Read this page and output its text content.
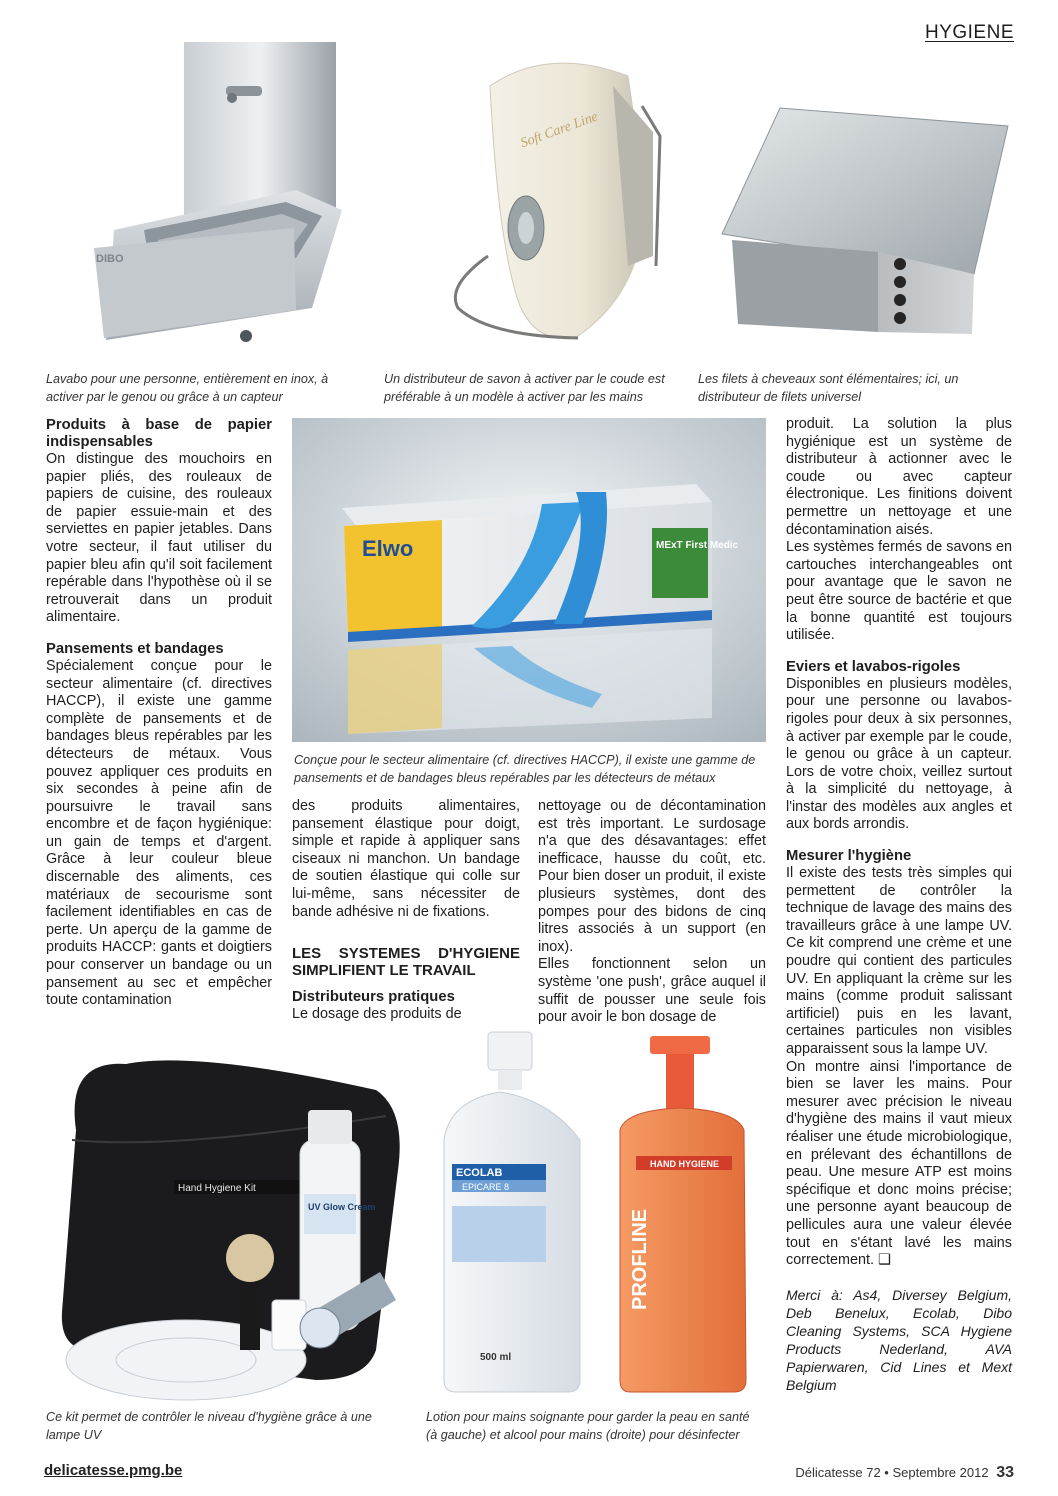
HYGIENE
DIBO
Lavabo pour une personne, entièrement en inox, à activer par le genou ou grâce à un capteur
Soft Care Line
Un distributeur de savon à activer par le coude est préférable à un modèle à activer par les mains
Les filets à cheveaux sont élémentaires; ici, un distributeur de filets universel

Produits à base de papier indispensables

On distingue des mouchoirs en papier pliés, des rouleaux de papiers de cuisine, des rouleaux de papier essuie-main et des serviettes en papier jetables. Dans votre secteur, il faut utiliser du papier bleu afin qu'il soit facilement repérable dans l'hypothèse où il se retrouverait dans un produit alimentaire.

Pansements et bandages

Spécialement conçue pour le secteur alimentaire (cf. directives HACCP), il existe une gamme complète de pansements et de bandages bleus repérables par les détecteurs de métaux. Vous pouvez appliquer ces produits en six secondes à peine afin de poursuivre le travail sans encombre et de façon hygiénique: un gain de temps et d'argent. Grâce à leur couleur bleue discernable des aliments, ces matériaux de secourisme sont facilement identifiables en cas de perte. Un aperçu de la gamme de produits HACCP: gants et doigtiers pour conserver un bandage ou un pansement au sec et empêcher toute contamination

Elwo	MExT First Medic
Conçue pour le secteur alimentaire (cf. directives HACCP), il existe une gamme de pansements et de bandages bleus repérables par les détecteurs de métaux

des produits alimentaires, pansement élastique pour doigt, simple et rapide à appliquer sans ciseaux ni manchon. Un bandage de soutien élastique qui colle sur lui-même, sans nécessiter de bande adhésive ni de fixations.

LES SYSTEMES D'HYGIENE SIMPLIFIENT LE TRAVAIL

Distributeurs pratiques

Le dosage des produits de

nettoyage ou de décontamination est très important. Le surdosage n'a que des désavantages: effet inefficace, hausse du coût, etc. Pour bien doser un produit, il existe plusieurs systèmes, dont des pompes pour des bidons de cinq litres associés à un support (en inox).

Elles fonctionnent selon un système 'one push', grâce auquel il suffit de pousser une seule fois pour avoir le bon dosage de

produit. La solution la plus hygiénique est un système de distributeur à actionner avec le coude ou avec capteur électronique. Les finitions doivent permettre un nettoyage et une décontamination aisés.

Les systèmes fermés de savons en cartouches interchangeables ont pour avantage que le savon ne peut être source de bactérie et que la bonne quantité est toujours utilisée.

Eviers et lavabos-rigoles

Disponibles en plusieurs modèles, pour une personne ou lavabos-rigoles pour deux à six personnes, à activer par exemple par le coude, le genou ou grâce à un capteur. Lors de votre choix, veillez surtout à la simplicité du nettoyage, à l'instar des modèles aux angles et aux bords arrondis.

Mesurer l'hygiène

Il existe des tests très simples qui permettent de contrôler la technique de lavage des mains des travailleurs grâce à une lampe UV. Ce kit comprend une crème et une poudre qui contient des particules UV. En appliquant la crème sur les mains (comme produit salissant artificiel) puis en les lavant, certaines particules non visibles apparaissent sous la lampe UV.

On montre ainsi l'importance de bien se laver les mains. Pour mesurer avec précision le niveau d'hygiène des mains il vaut mieux réaliser une étude microbiologique, en prélevant des échantillons de peau. Une mesure ATP est moins spécifique et donc moins précise; une personne ayant beaucoup de pellicules aura une valeur élevée tout en s'étant lavé les mains correctement. ❑

Merci à: As4, Diversey Belgium, Deb Benelux, Ecolab, Dibo Cleaning Systems, SCA Hygiene Products Nederland, AVA Papierwaren, Cid Lines et Mext Belgium

Hand Hygiene Kit
UV Glow Cream
Ce kit permet de contrôler le niveau d'hygiène grâce à une lampe UV
ECOLAB
EPICARE 8
500 ml
HAND HYGIENE
PROFLINE
Lotion pour mains soignante pour garder la peau en santé (à gauche) et alcool pour mains (droite) pour désinfecter
delicatesse.pmg.be	Délicatesse 72 • Septembre 2012 33
